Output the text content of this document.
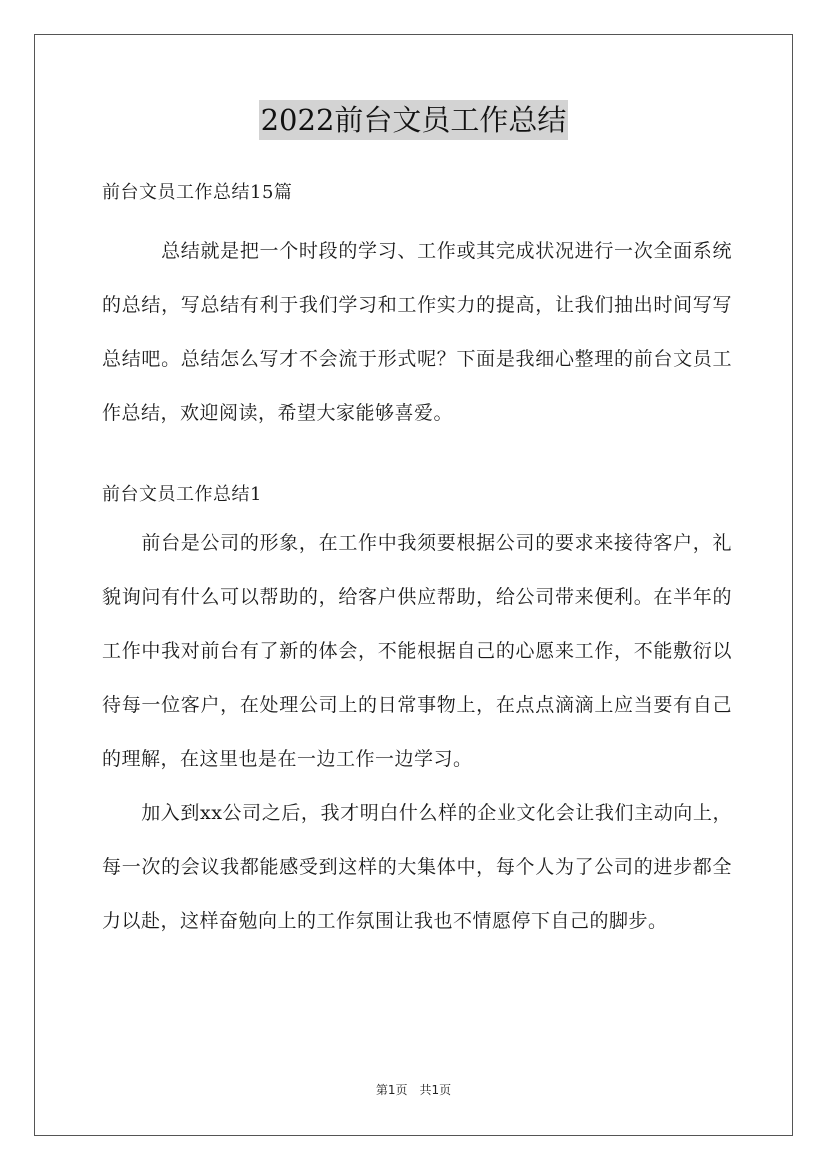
2022前台文员工作总结

前台文员工作总结15篇

　　　总结就是把一个时段的学习、工作或其完成状况进行一次全面系统的总结，写总结有利于我们学习和工作实力的提高，让我们抽出时间写写总结吧。总结怎么写才不会流于形式呢？下面是我细心整理的前台文员工作总结，欢迎阅读，希望大家能够喜爱。

前台文员工作总结1

　　前台是公司的形象，在工作中我须要根据公司的要求来接待客户，礼貌询问有什么可以帮助的，给客户供应帮助，给公司带来便利。在半年的工作中我对前台有了新的体会，不能根据自己的心愿来工作，不能敷衍以待每一位客户，在处理公司上的日常事物上，在点点滴滴上应当要有自己的理解，在这里也是在一边工作一边学习。

　　加入到xx公司之后，我才明白什么样的企业文化会让我们主动向上，每一次的会议我都能感受到这样的大集体中，每个人为了公司的进步都全力以赴，这样奋勉向上的工作氛围让我也不情愿停下自己的脚步。

第1页　共1页
